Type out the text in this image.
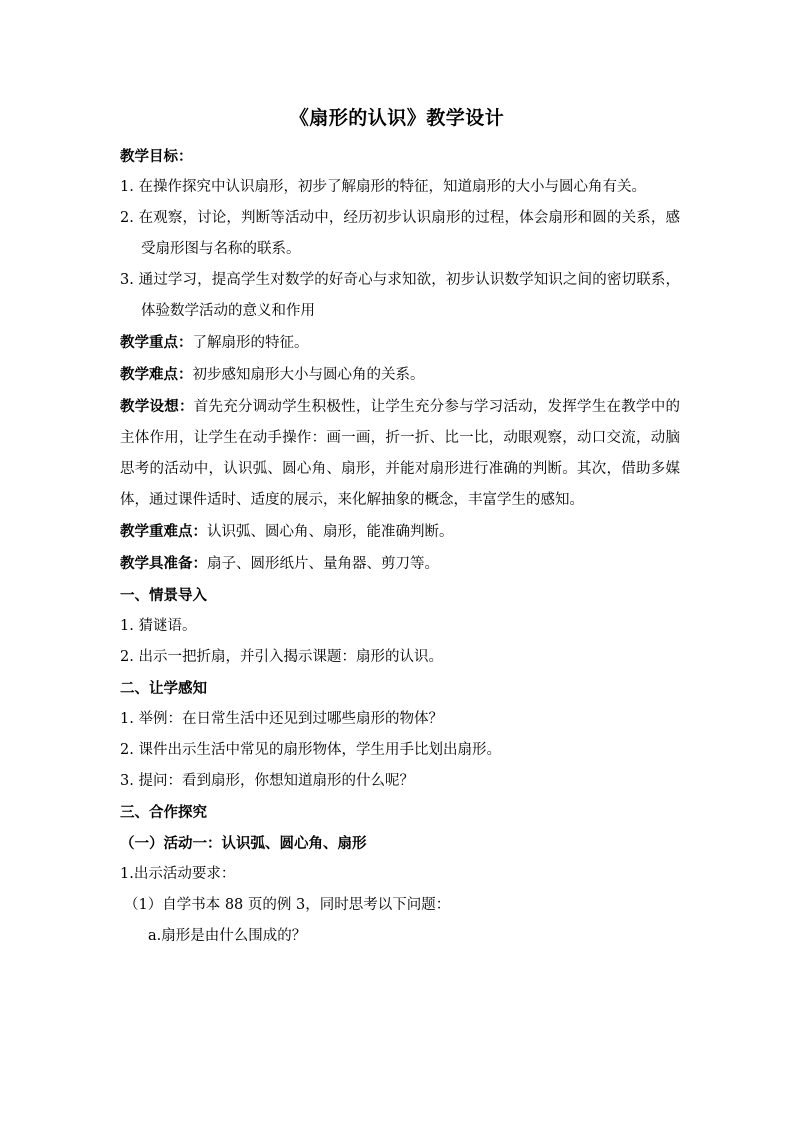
《扇形的认识》教学设计

教学目标：

1. 在操作探究中认识扇形，初步了解扇形的特征，知道扇形的大小与圆心角有关。

2. 在观察，讨论，判断等活动中，经历初步认识扇形的过程，体会扇形和圆的关系，感受扇形图与名称的联系。

3. 通过学习，提高学生对数学的好奇心与求知欲，初步认识数学知识之间的密切联系，体验数学活动的意义和作用

教学重点：了解扇形的特征。

教学难点：初步感知扇形大小与圆心角的关系。

教学设想：首先充分调动学生积极性，让学生充分参与学习活动，发挥学生在教学中的主体作用，让学生在动手操作：画一画，折一折、比一比，动眼观察，动口交流，动脑思考的活动中，认识弧、圆心角、扇形，并能对扇形进行准确的判断。其次，借助多媒体，通过课件适时、适度的展示，来化解抽象的概念，丰富学生的感知。

教学重难点：认识弧、圆心角、扇形，能准确判断。

教学具准备：扇子、圆形纸片、量角器、剪刀等。

一、情景导入

1. 猜谜语。

2. 出示一把折扇，并引入揭示课题：扇形的认识。

二、让学感知

1. 举例：在日常生活中还见到过哪些扇形的物体？

2. 课件出示生活中常见的扇形物体，学生用手比划出扇形。

3. 提问：看到扇形，你想知道扇形的什么呢？

三、合作探究

（一）活动一：认识弧、圆心角、扇形

1.出示活动要求：

（1）自学书本 88 页的例 3，同时思考以下问题：

a.扇形是由什么围成的？
